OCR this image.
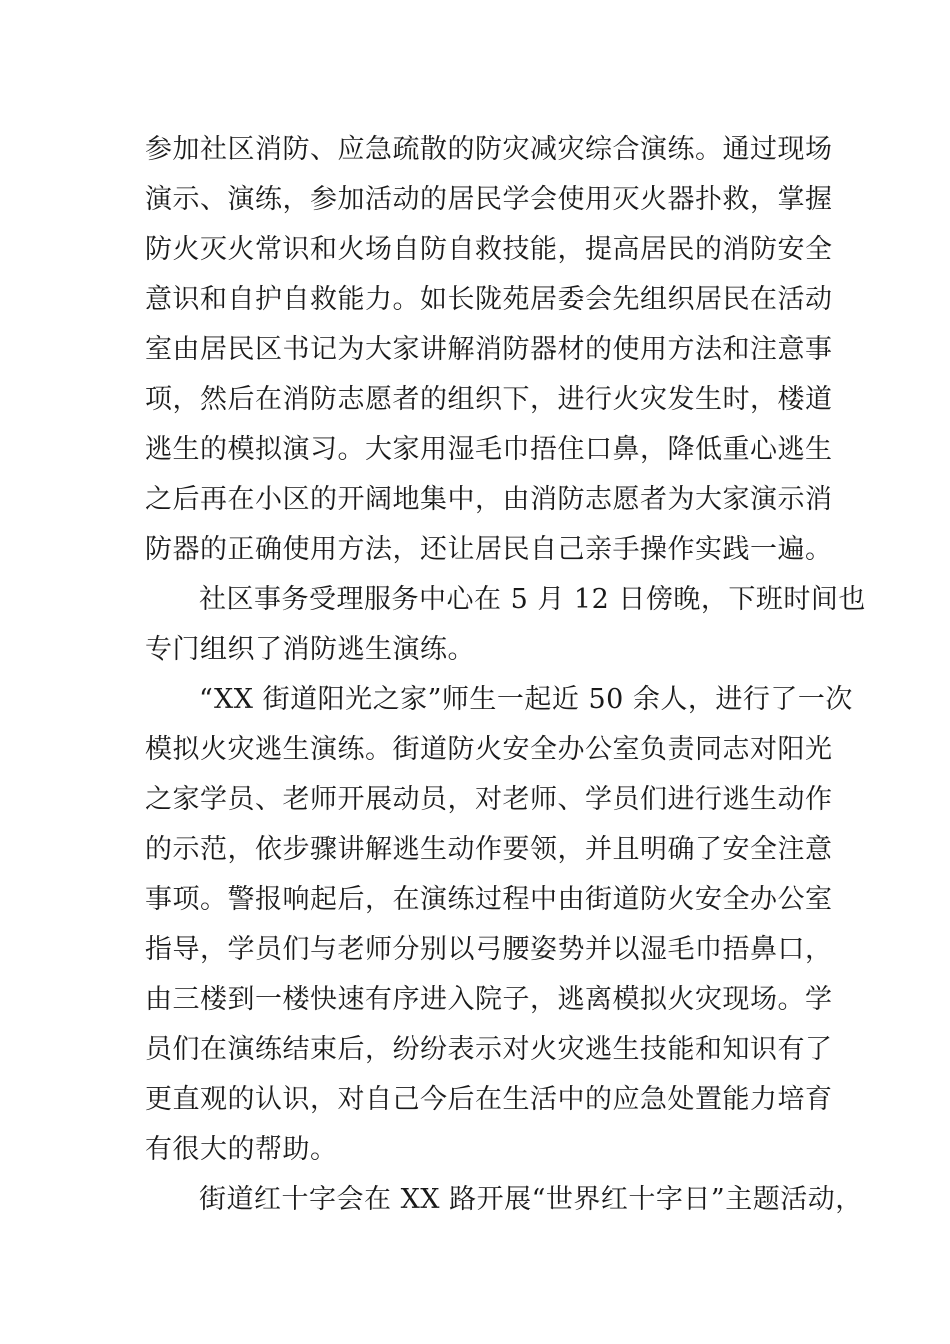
参加社区消防、应急疏散的防灾减灾综合演练。通过现场
演示、演练，参加活动的居民学会使用灭火器扑救，掌握
防火灭火常识和火场自防自救技能，提高居民的消防安全
意识和自护自救能力。如长陇苑居委会先组织居民在活动
室由居民区书记为大家讲解消防器材的使用方法和注意事
项，然后在消防志愿者的组织下，进行火灾发生时，楼道
逃生的模拟演习。大家用湿毛巾捂住口鼻，降低重心逃生
之后再在小区的开阔地集中，由消防志愿者为大家演示消
防器的正确使用方法，还让居民自己亲手操作实践一遍。

社区事务受理服务中心在 5 月 12 日傍晚，下班时间也
专门组织了消防逃生演练。

“XX 街道阳光之家”师生一起近 50 余人，进行了一次
模拟火灾逃生演练。街道防火安全办公室负责同志对阳光
之家学员、老师开展动员，对老师、学员们进行逃生动作
的示范，依步骤讲解逃生动作要领，并且明确了安全注意
事项。警报响起后，在演练过程中由街道防火安全办公室
指导，学员们与老师分别以弓腰姿势并以湿毛巾捂鼻口，
由三楼到一楼快速有序进入院子，逃离模拟火灾现场。学
员们在演练结束后，纷纷表示对火灾逃生技能和知识有了
更直观的认识，对自己今后在生活中的应急处置能力培育
有很大的帮助。

街道红十字会在 XX 路开展“世界红十字日”主题活动，
